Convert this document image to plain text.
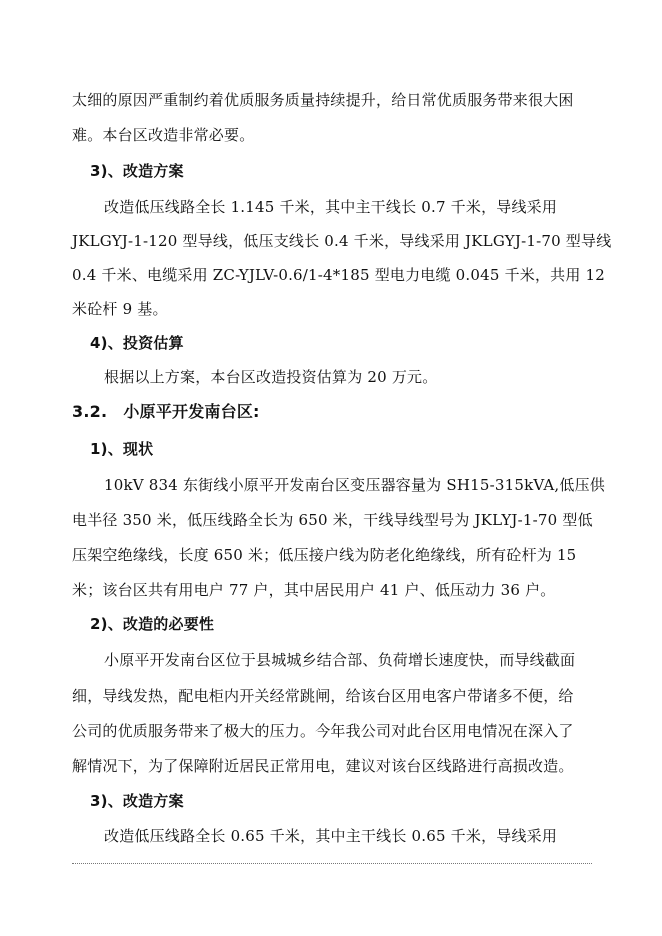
太细的原因严重制约着优质服务质量持续提升，给日常优质服务带来很大困
难。本台区改造非常必要。
3)、改造方案
改造低压线路全长 1.145 千米，其中主干线长 0.7 千米，导线采用
JKLGYJ-1-120 型导线，低压支线长 0.4 千米，导线采用 JKLGYJ-1-70 型导线
0.4 千米、电缆采用 ZC-YJLV-0.6/1-4*185 型电力电缆 0.045 千米，共用 12
米砼杆 9 基。
4)、投资估算
根据以上方案，本台区改造投资估算为 20 万元。
3.2.　小原平开发南台区:
1)、现状
10kV 834 东街线小原平开发南台区变压器容量为 SH15-315kVA,低压供
电半径 350 米，低压线路全长为 650 米，干线导线型号为 JKLYJ-1-70 型低
压架空绝缘线，长度 650 米；低压接户线为防老化绝缘线，所有砼杆为 15
米；该台区共有用电户 77 户，其中居民用户 41 户、低压动力 36 户。
2)、改造的必要性
小原平开发南台区位于县城城乡结合部、负荷增长速度快，而导线截面
细，导线发热，配电柜内开关经常跳闸，给该台区用电客户带诸多不便，给
公司的优质服务带来了极大的压力。今年我公司对此台区用电情况在深入了
解情况下，为了保障附近居民正常用电，建议对该台区线路进行高损改造。
3)、改造方案
改造低压线路全长 0.65 千米，其中主干线长 0.65 千米，导线采用
